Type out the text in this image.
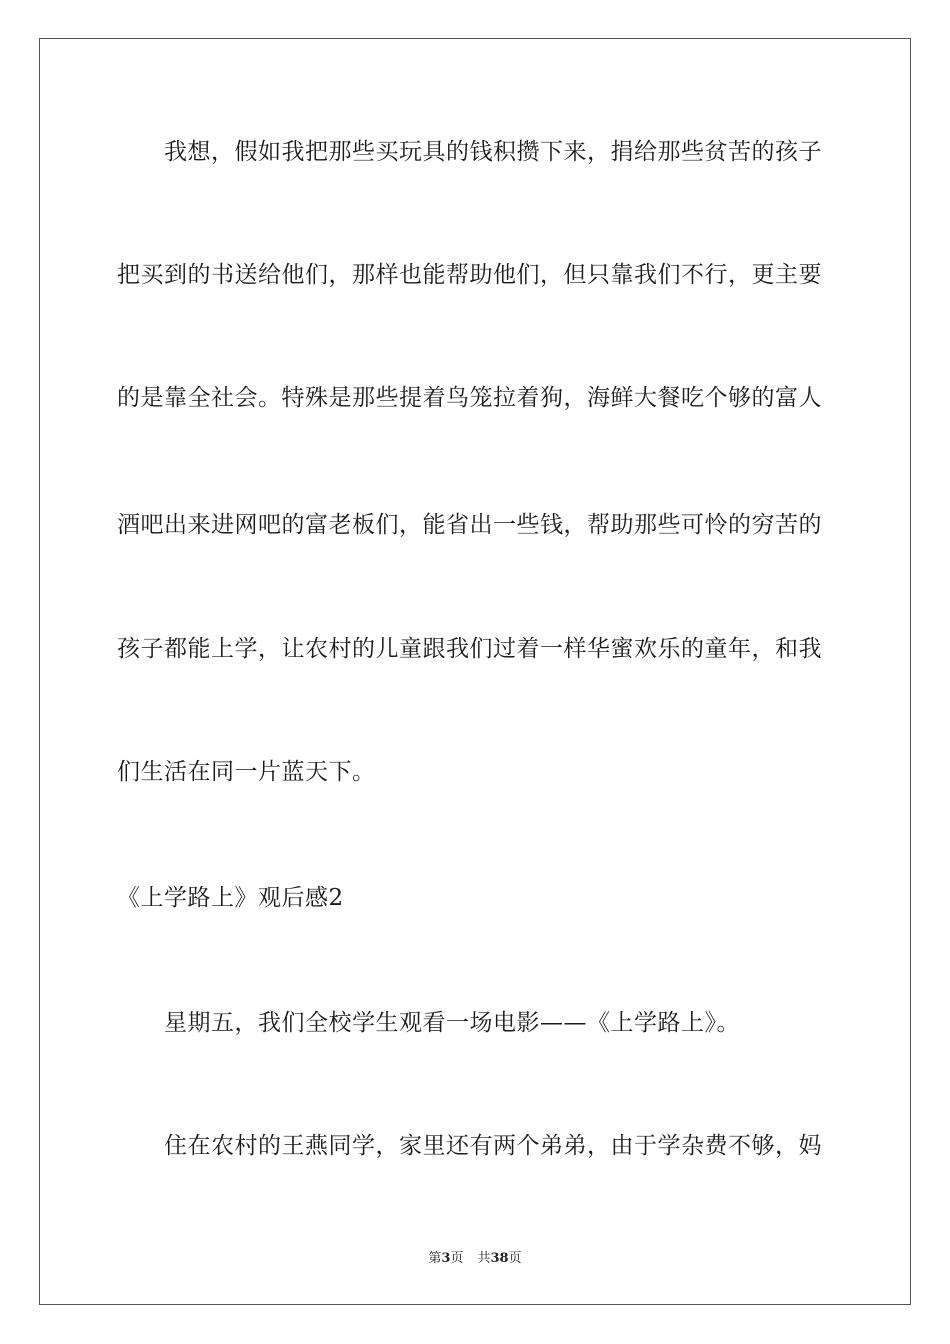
我想，假如我把那些买玩具的钱积攒下来，捐给那些贫苦的孩子
把买到的书送给他们，那样也能帮助他们，但只靠我们不行，更主要
的是靠全社会。特殊是那些提着鸟笼拉着狗，海鲜大餐吃个够的富人
酒吧出来进网吧的富老板们，能省出一些钱，帮助那些可怜的穷苦的
孩子都能上学，让农村的儿童跟我们过着一样华蜜欢乐的童年，和我
们生活在同一片蓝天下。
《上学路上》观后感2
星期五，我们全校学生观看一场电影——《上学路上》。
住在农村的王燕同学，家里还有两个弟弟，由于学杂费不够，妈
第3页 共38页
